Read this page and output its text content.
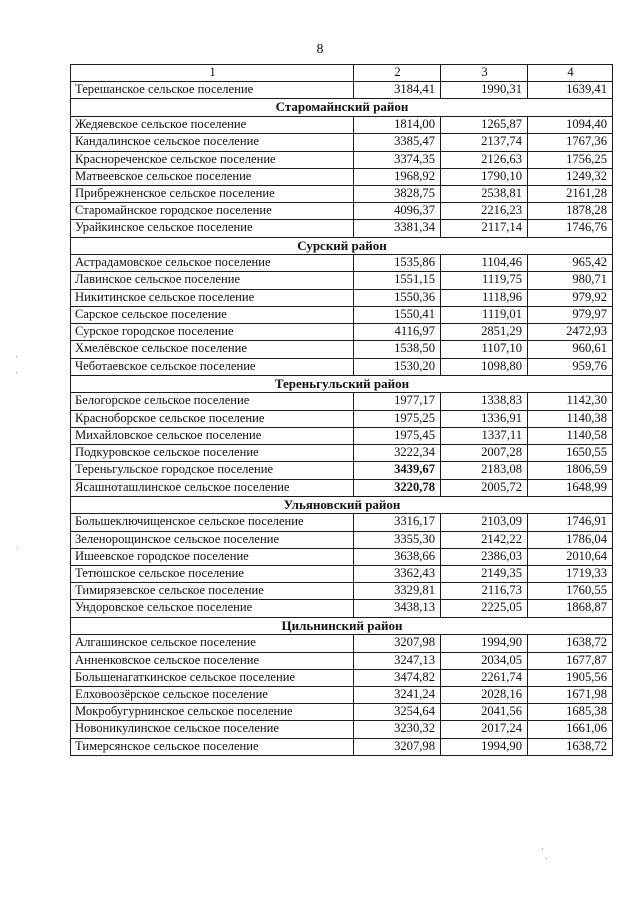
8
1	2	3	4
Терешанское сельское поселение	3184,41	1990,31	1639,41
Старомайнский район			
Жедяевское сельское поселение	1814,00	1265,87	1094,40
Кандалинское сельское поселение	3385,47	2137,74	1767,36
Краснореченское сельское поселение	3374,35	2126,63	1756,25
Матвеевское сельское поселение	1968,92	1790,10	1249,32
Прибрежненское сельское поселение	3828,75	2538,81	2161,28
Старомайнское городское поселение	4096,37	2216,23	1878,28
Урайкинское сельское поселение	3381,34	2117,14	1746,76
Сурский район			
Астрадамовское сельское поселение	1535,86	1104,46	965,42
Лавинское сельское поселение	1551,15	1119,75	980,71
Никитинское сельское поселение	1550,36	1118,96	979,92
Сарское сельское поселение	1550,41	1119,01	979,97
Сурское городское поселение	4116,97	2851,29	2472,93
Хмелёвское сельское поселение	1538,50	1107,10	960,61
Чеботаевское сельское поселение	1530,20	1098,80	959,76
Тереньгульский район			
Белогорское сельское поселение	1977,17	1338,83	1142,30
Красноборское сельское поселение	1975,25	1336,91	1140,38
Михайловское сельское поселение	1975,45	1337,11	1140,58
Подкуровское сельское поселение	3222,34	2007,28	1650,55
Тереньгульское городское поселение	3439,67	2183,08	1806,59
Ясашноташлинское сельское поселение	3220,78	2005,72	1648,99
Ульяновский район			
Большеключищенское сельское поселение	3316,17	2103,09	1746,91
Зеленорощинское сельское поселение	3355,30	2142,22	1786,04
Ишеевское городское поселение	3638,66	2386,03	2010,64
Тетюшское сельское поселение	3362,43	2149,35	1719,33
Тимирязевское сельское поселение	3329,81	2116,73	1760,55
Ундоровское сельское поселение	3438,13	2225,05	1868,87
Цильнинский район			
Алгашинское сельское поселение	3207,98	1994,90	1638,72
Анненковское сельское поселение	3247,13	2034,05	1677,87
Большенагаткинское сельское поселение	3474,82	2261,74	1905,56
Елховоозёрское сельское поселение	3241,24	2028,16	1671,98
Мокробугурнинское сельское поселение	3254,64	2041,56	1685,38
Новоникулинское сельское поселение	3230,32	2017,24	1661,06
Тимерсянское сельское поселение	3207,98	1994,90	1638,72
